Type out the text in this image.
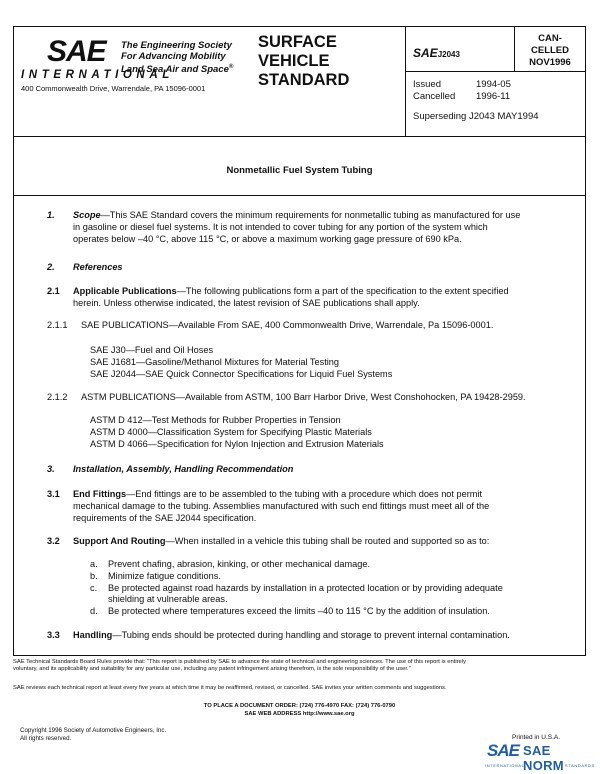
SAE The Engineering Society
For Advancing Mobility
Land Sea Air and Space®
INTERNATIONAL
400 Commonwealth Drive, Warrendale, PA 15096-0001
SURFACE
VEHICLE
STANDARD
SAEJ2043
CAN-
CELLED
NOV1996
Issued	1994-05
Cancelled 1996-11
Superseding J2043 MAY1994
Nonmetallic Fuel System Tubing
1. Scope—This SAE Standard covers the minimum requirements for nonmetallic tubing as manufactured for use
in gasoline or diesel fuel systems. It is not intended to cover tubing for any portion of the system which
operates below –40 °C, above 115 °C, or above a maximum working gage pressure of 690 kPa.
2. References
2.1 Applicable Publications—The following publications form a part of the specification to the extent specified
herein. Unless otherwise indicated, the latest revision of SAE publications shall apply.
2.1.1 SAE PUBLICATIONS—Available From SAE, 400 Commonwealth Drive, Warrendale, Pa 15096-0001.
SAE J30—Fuel and Oil Hoses
SAE J1681—Gasoline/Methanol Mixtures for Material Testing
SAE J2044—SAE Quick Connector Specifications for Liquid Fuel Systems
2.1.2 ASTM PUBLICATIONS—Available from ASTM, 100 Barr Harbor Drive, West Conshohocken, PA 19428-2959.
ASTM D 412—Test Methods for Rubber Properties in Tension
ASTM D 4000—Classification System for Specifying Plastic Materials
ASTM D 4066—Specification for Nylon Injection and Extrusion Materials
3. Installation, Assembly, Handling Recommendation
3.1 End Fittings—End fittings are to be assembled to the tubing with a procedure which does not permit
mechanical damage to the tubing. Assemblies manufactured with such end fittings must meet all of the
requirements of the SAE J2044 specification.
3.2 Support And Routing—When installed in a vehicle this tubing shall be routed and supported so as to:
a.	Prevent chafing, abrasion, kinking, or other mechanical damage.
b.	Minimize fatigue conditions.
c.	Be protected against road hazards by installation in a protected location or by providing adequate
shielding at vulnerable areas.
d.	Be protected where temperatures exceed the limits –40 to 115 °C by the addition of insulation.
3.3 Handling—Tubing ends should be protected during handling and storage to prevent internal contamination.
SAE Technical Standards Board Rules provide that: "This report is published by SAE to advance the state of technical and engineering sciences. The use of this report is entirely
voluntary, and its applicability and suitability for any particular use, including any patent infringement arising therefrom, is the sole responsibility of the user."
SAE reviews each technical report at least every five years at which time it may be reaffirmed, revised, or cancelled. SAE invites your written comments and suggestions.
TO PLACE A DOCUMENT ORDER: (724) 776-4970 FAX: (724) 776-0790
SAE WEB ADDRESS http://www.sae.org
Copyright 1996 Society of Automotive Engineers, Inc.
All rights reserved.	Printed in U.S.A.
SAE SAE NORM
INTERNATIONAL	STANDARDS
